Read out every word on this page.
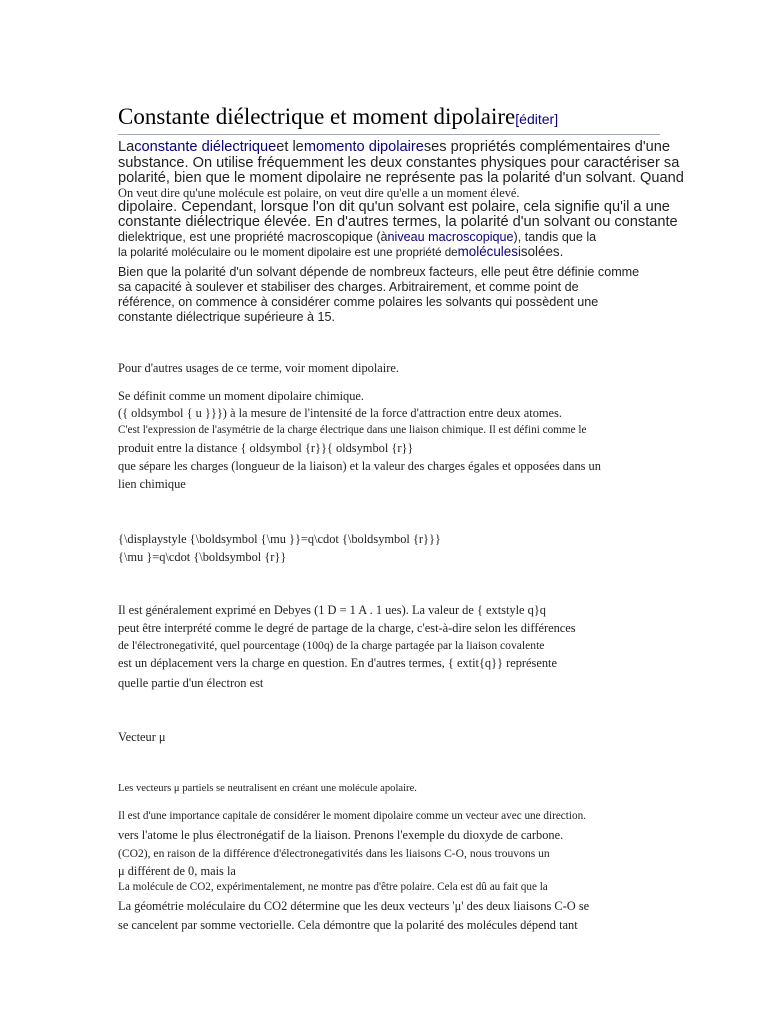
Constante diélectrique et moment dipolaire[éditer]
Laconstante diélectriqueet lemomento dipolaireses propriétés complémentaires d'une
substance. On utilise fréquemment les deux constantes physiques pour caractériser sa
polarité, bien que le moment dipolaire ne représente pas la polarité d'un solvant. Quand
On veut dire qu'une molécule est polaire, on veut dire qu'elle a un moment élevé.
dipolaire. Cependant, lorsque l'on dit qu'un solvant est polaire, cela signifie qu'il a une
constante diélectrique élevée. En d'autres termes, la polarité d'un solvant ou constante
dielektrique, est une propriété macroscopique (àniveau macroscopique), tandis que la
la polarité moléculaire ou le moment dipolaire est une propriété demoléculesisolées.
Bien que la polarité d'un solvant dépende de nombreux facteurs, elle peut être définie comme
sa capacité à soulever et stabiliser des charges. Arbitrairement, et comme point de
référence, on commence à considérer comme polaires les solvants qui possèdent une
constante diélectrique supérieure à 15.
Pour d'autres usages de ce terme, voir moment dipolaire.
Se définit comme un moment dipolaire chimique.
({ oldsymbol { u }}}) à la mesure de l'intensité de la force d'attraction entre deux atomes.
C'est l'expression de l'asymétrie de la charge électrique dans une liaison chimique. Il est défini comme le
produit entre la distance { oldsymbol {r}}{ oldsymbol {r}}
que sépare les charges (longueur de la liaison) et la valeur des charges égales et opposées dans un
lien chimique
{\displaystyle {\boldsymbol {\mu }}=q\cdot {\boldsymbol {r}}}
{\mu }=q\cdot {\boldsymbol {r}}
Il est généralement exprimé en Debyes (1 D = 1 A . 1 ues). La valeur de { extstyle q}q
peut être interprété comme le degré de partage de la charge, c'est-à-dire selon les différences
de l'électronegativité, quel pourcentage (100q) de la charge partagée par la liaison covalente
est un déplacement vers la charge en question. En d'autres termes, { extit{q}} représente
quelle partie d'un électron est
Vecteur μ
Les vecteurs μ partiels se neutralisent en créant une molécule apolaire.
Il est d'une importance capitale de considérer le moment dipolaire comme un vecteur avec une direction.
vers l'atome le plus électronégatif de la liaison. Prenons l'exemple du dioxyde de carbone.
(CO2), en raison de la différence d'électronegativités dans les liaisons C-O, nous trouvons un
μ différent de 0, mais la
La molécule de CO2, expérimentalement, ne montre pas d'être polaire. Cela est dû au fait que la
La géométrie moléculaire du CO2 détermine que les deux vecteurs 'μ' des deux liaisons C-O se
se cancelent par somme vectorielle. Cela démontre que la polarité des molécules dépend tant
